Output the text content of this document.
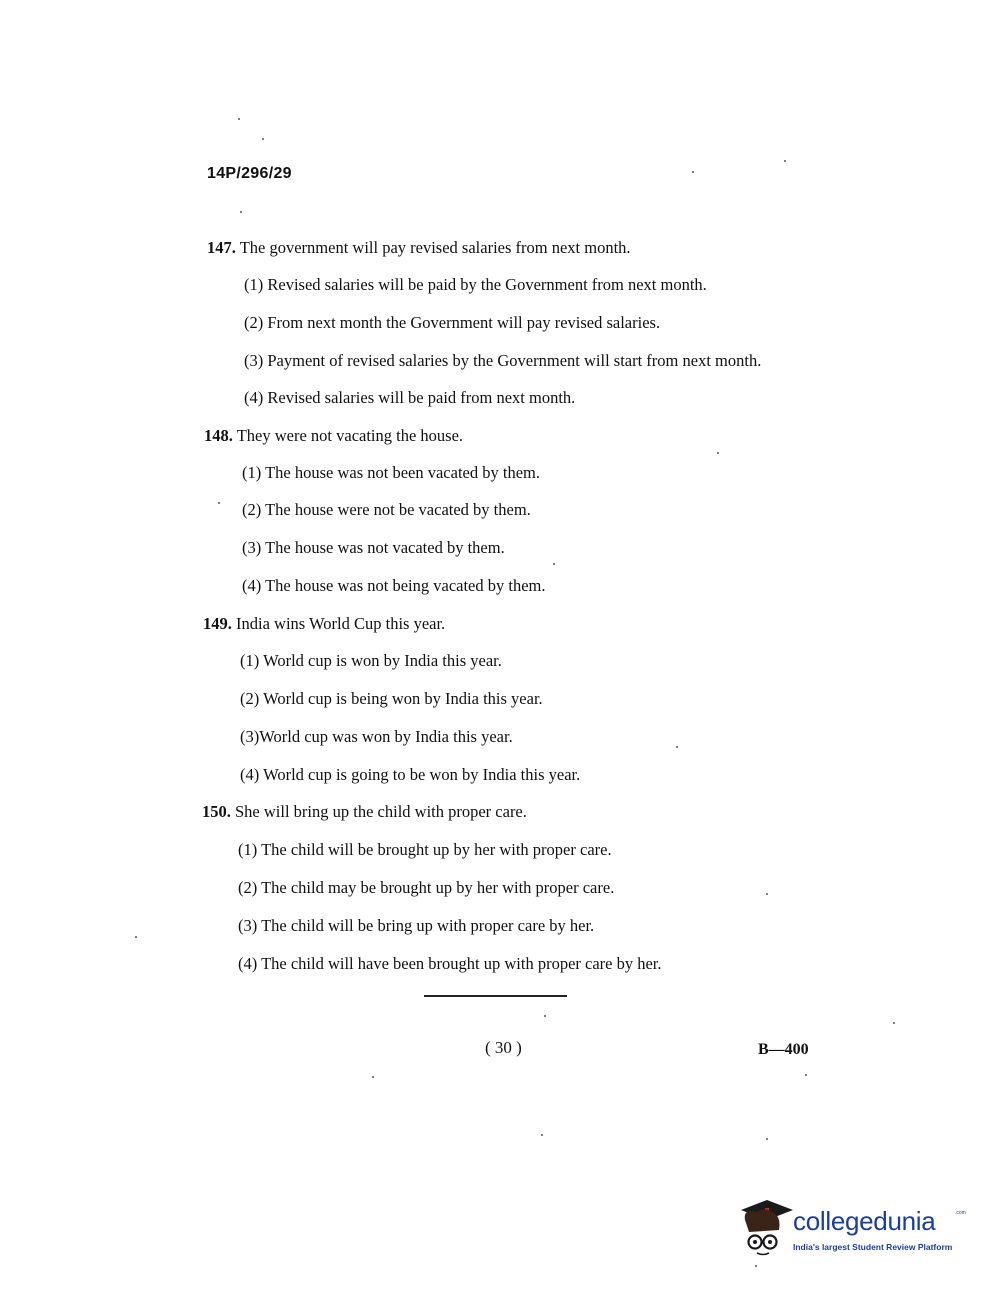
14P/296/29
147. The government will pay revised salaries from next month.
(1) Revised salaries will be paid by the Government from next month.
(2) From next month the Government will pay revised salaries.
(3) Payment of revised salaries by the Government will start from next month.
(4) Revised salaries will be paid from next month.
148. They were not vacating the house.
(1) The house was not been vacated by them.
(2) The house were not be vacated by them.
(3) The house was not vacated by them.
(4) The house was not being vacated by them.
149. India wins World Cup this year.
(1) World cup is won by India this year.
(2) World cup is being won by India this year.
(3)World cup was won by India this year.
(4) World cup is going to be won by India this year.
150. She will bring up the child with proper care.
(1) The child will be brought up by her with proper care.
(2) The child may be brought up by her with proper care.
(3) The child will be bring up with proper care by her.
(4) The child will have been brought up with proper care by her.
( 30 )	B—400
collegedunia	.com
India's largest Student Review Platform
